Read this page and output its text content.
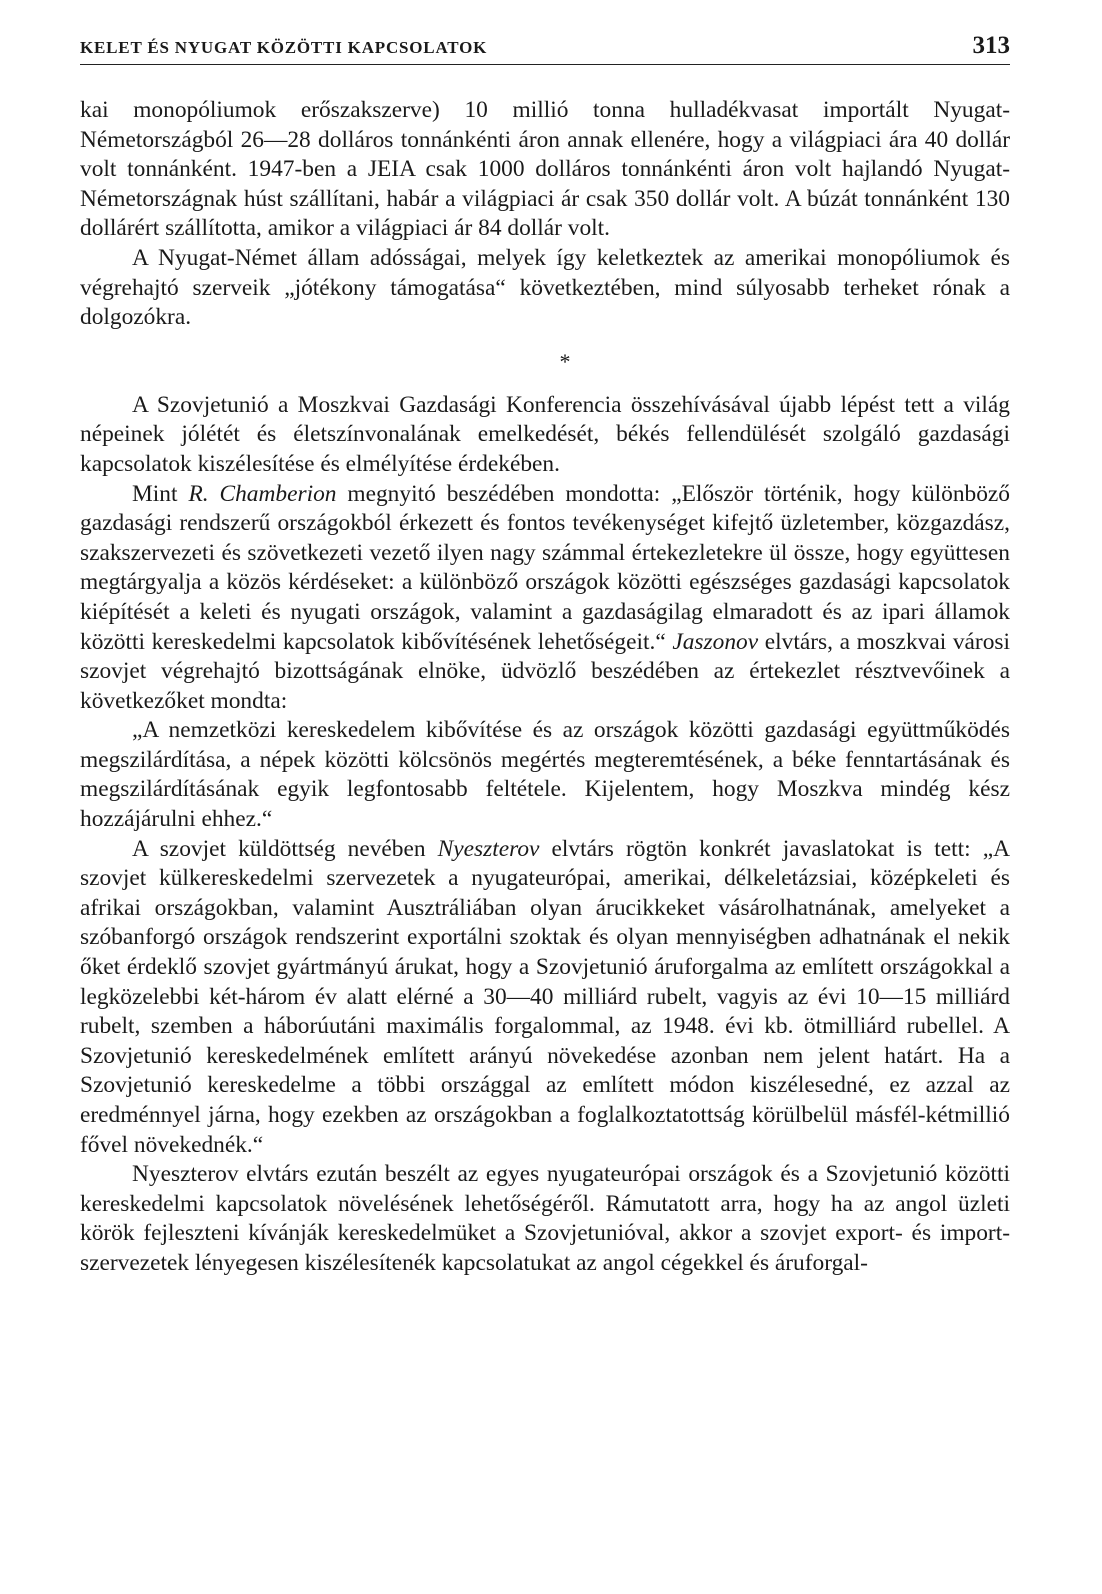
KELET ÉS NYUGAT KÖZÖTTI KAPCSOLATOK	313

kai monopóliumok erőszakszerve) 10 millió tonna hulladékvasat importált Nyugat-Németországból 26—28 dolláros tonnánkénti áron annak ellenére, hogy a világpiaci ára 40 dollár volt tonnánként. 1947-ben a JEIA csak 1000 dolláros tonnánkénti áron volt hajlandó Nyugat-Németországnak húst szállítani, habár a világpiaci ár csak 350 dollár volt. A búzát tonnánként 130 dollárért szállította, amikor a világpiaci ár 84 dollár volt.

A Nyugat-Német állam adósságai, melyek így keletkeztek az amerikai monopóliumok és végrehajtó szerveik „jótékony támogatása“ következtében, mind súlyosabb terheket rónak a dolgozókra.

*

A Szovjetunió a Moszkvai Gazdasági Konferencia összehívásával újabb lépést tett a világ népeinek jólétét és életszínvonalának emelkedését, békés fellendülését szolgáló gazdasági kapcsolatok kiszélesítése és elmélyítése érdekében.

Mint R. Chamberion megnyitó beszédében mondotta: „Először történik, hogy különböző gazdasági rendszerű országokból érkezett és fontos tevékenységet kifejtő üzletember, közgazdász, szakszervezeti és szövetkezeti vezető ilyen nagy számmal értekezletekre ül össze, hogy együttesen megtárgyalja a közös kérdéseket: a különböző országok közötti egészséges gazdasági kapcsolatok kiépítését a keleti és nyugati országok, valamint a gazdaságilag elmaradott és az ipari államok közötti kereskedelmi kapcsolatok kibővítésének lehetőségeit.“ Jaszonov elvtárs, a moszkvai városi szovjet végrehajtó bizottságának elnöke, üdvözlő beszédében az értekezlet résztvevőinek a következőket mondta:

„A nemzetközi kereskedelem kibővítése és az országok közötti gazdasági együttműködés megszilárdítása, a népek közötti kölcsönös megértés megteremtésének, a béke fenntartásának és megszilárdításának egyik legfontosabb feltétele. Kijelentem, hogy Moszkva mindég kész hozzájárulni ehhez.“

A szovjet küldöttség nevében Nyeszterov elvtárs rögtön konkrét javaslatokat is tett: „A szovjet külkereskedelmi szervezetek a nyugateurópai, amerikai, délkeletázsiai, középkeleti és afrikai országokban, valamint Ausztráliában olyan árucikkeket vásárolhatnának, amelyeket a szóbanforgó országok rendszerint exportálni szoktak és olyan mennyiségben adhatnának el nekik őket érdeklő szovjet gyártmányú árukat, hogy a Szovjetunió áruforgalma az említett országokkal a legközelebbi két-három év alatt elérné a 30—40 milliárd rubelt, vagyis az évi 10—15 milliárd rubelt, szemben a háborúutáni maximális forgalommal, az 1948. évi kb. ötmilliárd rubellel. A Szovjetunió kereskedelmének említett arányú növekedése azonban nem jelent határt. Ha a Szovjetunió kereskedelme a többi országgal az említett módon kiszélesedné, ez azzal az eredménnyel járna, hogy ezekben az országokban a foglalkoztatottság körülbelül másfél-kétmillió fővel növekednék.“

Nyeszterov elvtárs ezután beszélt az egyes nyugateurópai országok és a Szovjetunió közötti kereskedelmi kapcsolatok növelésének lehetőségéről. Rámutatott arra, hogy ha az angol üzleti körök fejleszteni kívánják kereskedelmüket a Szovjetunióval, akkor a szovjet export- és import-szervezetek lényegesen kiszélesítenék kapcsolatukat az angol cégekkel és áruforgal-
